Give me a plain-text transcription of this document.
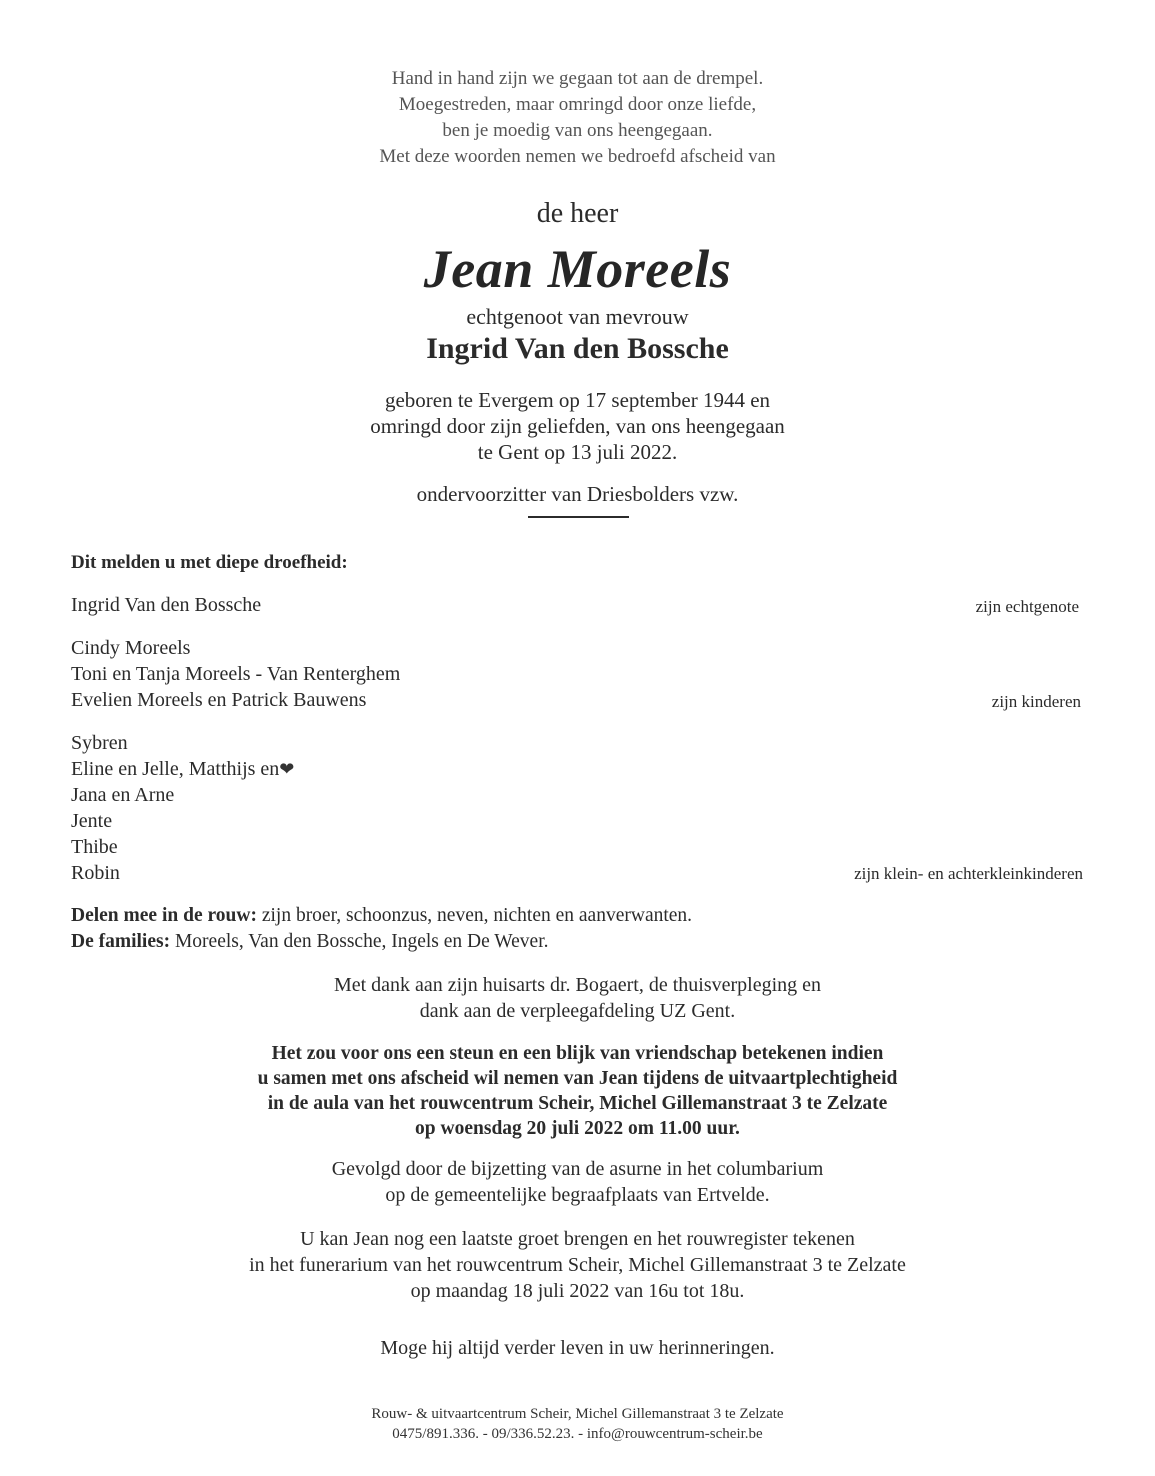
Hand in hand zijn we gegaan tot aan de drempel.
Moegestreden, maar omringd door onze liefde,
ben je moedig van ons heengegaan.
Met deze woorden nemen we bedroefd afscheid van
de heer
Jean Moreels
echtgenoot van mevrouw
Ingrid Van den Bossche
geboren te Evergem op 17 september 1944 en
omringd door zijn geliefden, van ons heengegaan
te Gent op 13 juli 2022.
ondervoorzitter van Driesbolders vzw.
Dit melden u met diepe droefheid:
Ingrid Van den Bossche	zijn echtgenote
Cindy Moreels
Toni en Tanja Moreels - Van Renterghem
Evelien Moreels en Patrick Bauwens	zijn kinderen
Sybren
Eline en Jelle, Matthijs en❤
Jana en Arne
Jente
Thibe
Robin	zijn klein- en achterkleinkinderen
Delen mee in de rouw: zijn broer, schoonzus, neven, nichten en aanverwanten.
De families: Moreels, Van den Bossche, Ingels en De Wever.
Met dank aan zijn huisarts dr. Bogaert, de thuisverpleging en
dank aan de verpleegafdeling UZ Gent.
Het zou voor ons een steun en een blijk van vriendschap betekenen indien
u samen met ons afscheid wil nemen van Jean tijdens de uitvaartplechtigheid
in de aula van het rouwcentrum Scheir, Michel Gillemanstraat 3 te Zelzate
op woensdag 20 juli 2022 om 11.00 uur.
Gevolgd door de bijzetting van de asurne in het columbarium
op de gemeentelijke begraafplaats van Ertvelde.
U kan Jean nog een laatste groet brengen en het rouwregister tekenen
in het funerarium van het rouwcentrum Scheir, Michel Gillemanstraat 3 te Zelzate
op maandag 18 juli 2022 van 16u tot 18u.
Moge hij altijd verder leven in uw herinneringen.
Rouw- & uitvaartcentrum Scheir, Michel Gillemanstraat 3 te Zelzate
0475/891.336. - 09/336.52.23. - info@rouwcentrum-scheir.be
